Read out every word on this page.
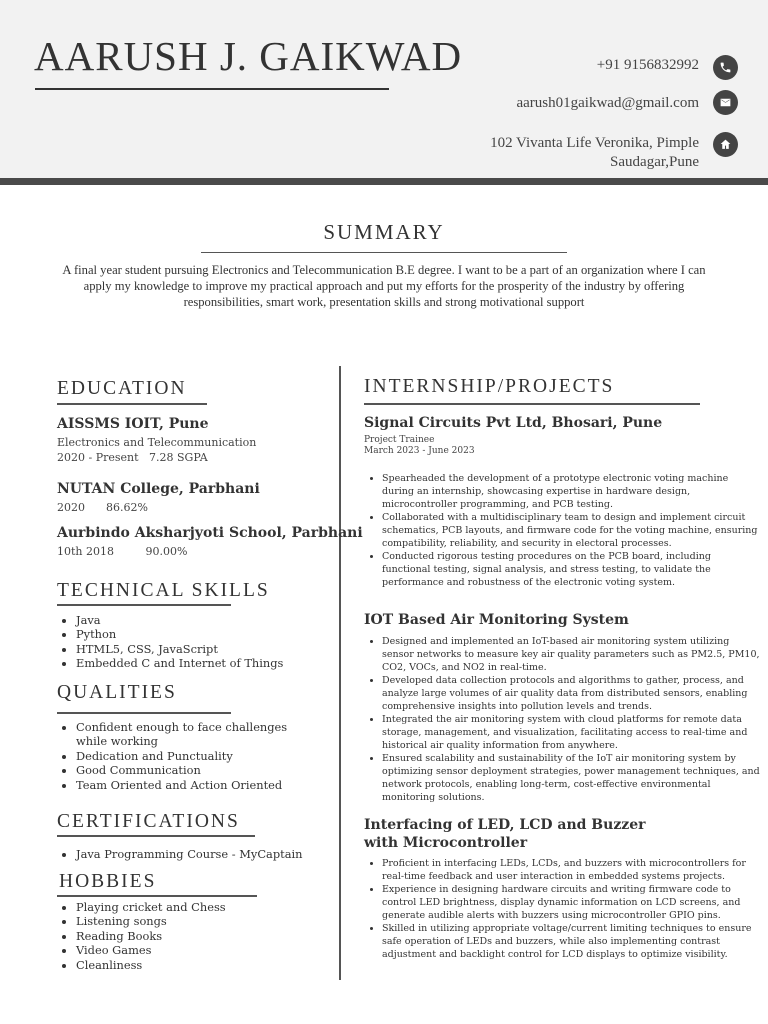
AARUSH J. GAIKWAD	+91 9156832992
aarush01gaikwad@gmail.com
102 Vivanta Life Veronika, Pimple Saudagar,Pune
SUMMARY
A final year student pursuing Electronics and Telecommunication B.E degree. I want to be a part of an organization where I can apply my knowledge to improve my practical approach and put my efforts for the prosperity of the industry by offering responsibilities, smart work, presentation skills and strong motivational support
EDUCATION
AISSMS IOIT, Pune
Electronics and Telecommunication
2020 - Present   7.28 SGPA
NUTAN College, Parbhani
2020      86.62%
Aurbindo Aksharjyoti School, Parbhani
10th 2018         90.00%
TECHNICAL SKILLS
• Java
• Python
• HTML5, CSS, JavaScript
• Embedded C and Internet of Things
QUALITIES
• Confident enough to face challenges while working
• Dedication and Punctuality
• Good Communication
• Team Oriented and Action Oriented
CERTIFICATIONS
• Java Programming Course - MyCaptain
HOBBIES
• Playing cricket and Chess
• Listening songs
• Reading Books
• Video Games
• Cleanliness
INTERNSHIP/PROJECTS
Signal Circuits Pvt Ltd, Bhosari, Pune
Project Trainee
March 2023 - June 2023
• Spearheaded the development of a prototype electronic voting machine during an internship, showcasing expertise in hardware design, microcontroller programming, and PCB testing.
• Collaborated with a multidisciplinary team to design and implement circuit schematics, PCB layouts, and firmware code for the voting machine, ensuring compatibility, reliability, and security in electoral processes.
• Conducted rigorous testing procedures on the PCB board, including functional testing, signal analysis, and stress testing, to validate the performance and robustness of the electronic voting system.
IOT Based Air Monitoring System
• Designed and implemented an IoT-based air monitoring system utilizing sensor networks to measure key air quality parameters such as PM2.5, PM10, CO2, VOCs, and NO2 in real-time.
• Developed data collection protocols and algorithms to gather, process, and analyze large volumes of air quality data from distributed sensors, enabling comprehensive insights into pollution levels and trends.
• Integrated the air monitoring system with cloud platforms for remote data storage, management, and visualization, facilitating access to real-time and historical air quality information from anywhere.
• Ensured scalability and sustainability of the IoT air monitoring system by optimizing sensor deployment strategies, power management techniques, and network protocols, enabling long-term, cost-effective environmental monitoring solutions.
Interfacing of LED, LCD and Buzzer with Microcontroller
• Proficient in interfacing LEDs, LCDs, and buzzers with microcontrollers for real-time feedback and user interaction in embedded systems projects.
• Experience in designing hardware circuits and writing firmware code to control LED brightness, display dynamic information on LCD screens, and generate audible alerts with buzzers using microcontroller GPIO pins.
• Skilled in utilizing appropriate voltage/current limiting techniques to ensure safe operation of LEDs and buzzers, while also implementing contrast adjustment and backlight control for LCD displays to optimize visibility.
